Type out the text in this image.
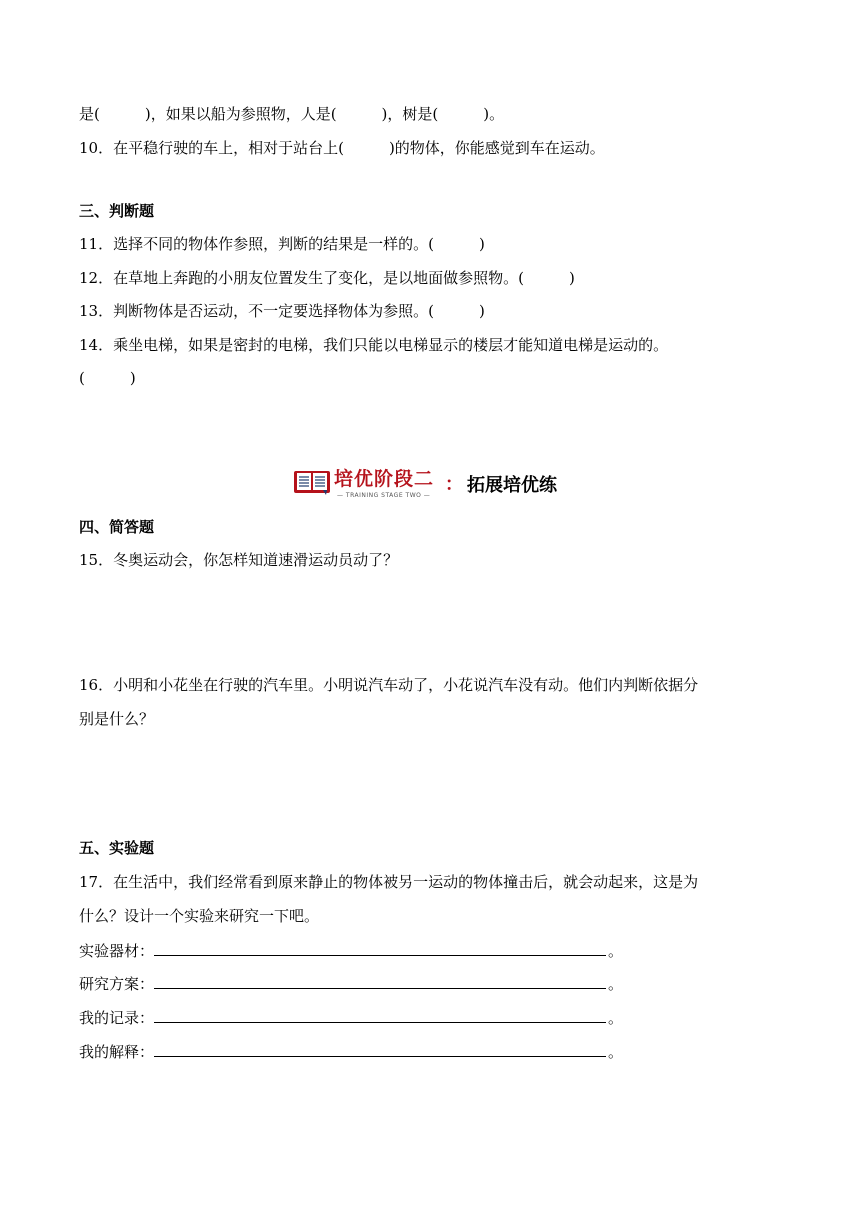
是(　　　)，如果以船为参照物，人是(　　　)，树是(　　　)。
10．在平稳行驶的车上，相对于站台上(　　　)的物体，你能感觉到车在运动。
三、判断题
11．选择不同的物体作参照，判断的结果是一样的。(　　　)
12．在草地上奔跑的小朋友位置发生了变化，是以地面做参照物。(　　　)
13．判断物体是否运动，不一定要选择物体为参照。(　　　)
14．乘坐电梯，如果是密封的电梯，我们只能以电梯显示的楼层才能知道电梯是运动的。
(　　　)
培优阶段二
— TRAINING STAGE TWO —
： 拓展培优练
四、简答题
15．冬奥运动会，你怎样知道速滑运动员动了？
16．小明和小花坐在行驶的汽车里。小明说汽车动了，小花说汽车没有动。他们内判断依据分
别是什么？
五、实验题
17．在生活中，我们经常看到原来静止的物体被另一运动的物体撞击后，就会动起来，这是为
什么？设计一个实验来研究一下吧。
实验器材：	。
研究方案：	。
我的记录：	。
我的解释：	。
